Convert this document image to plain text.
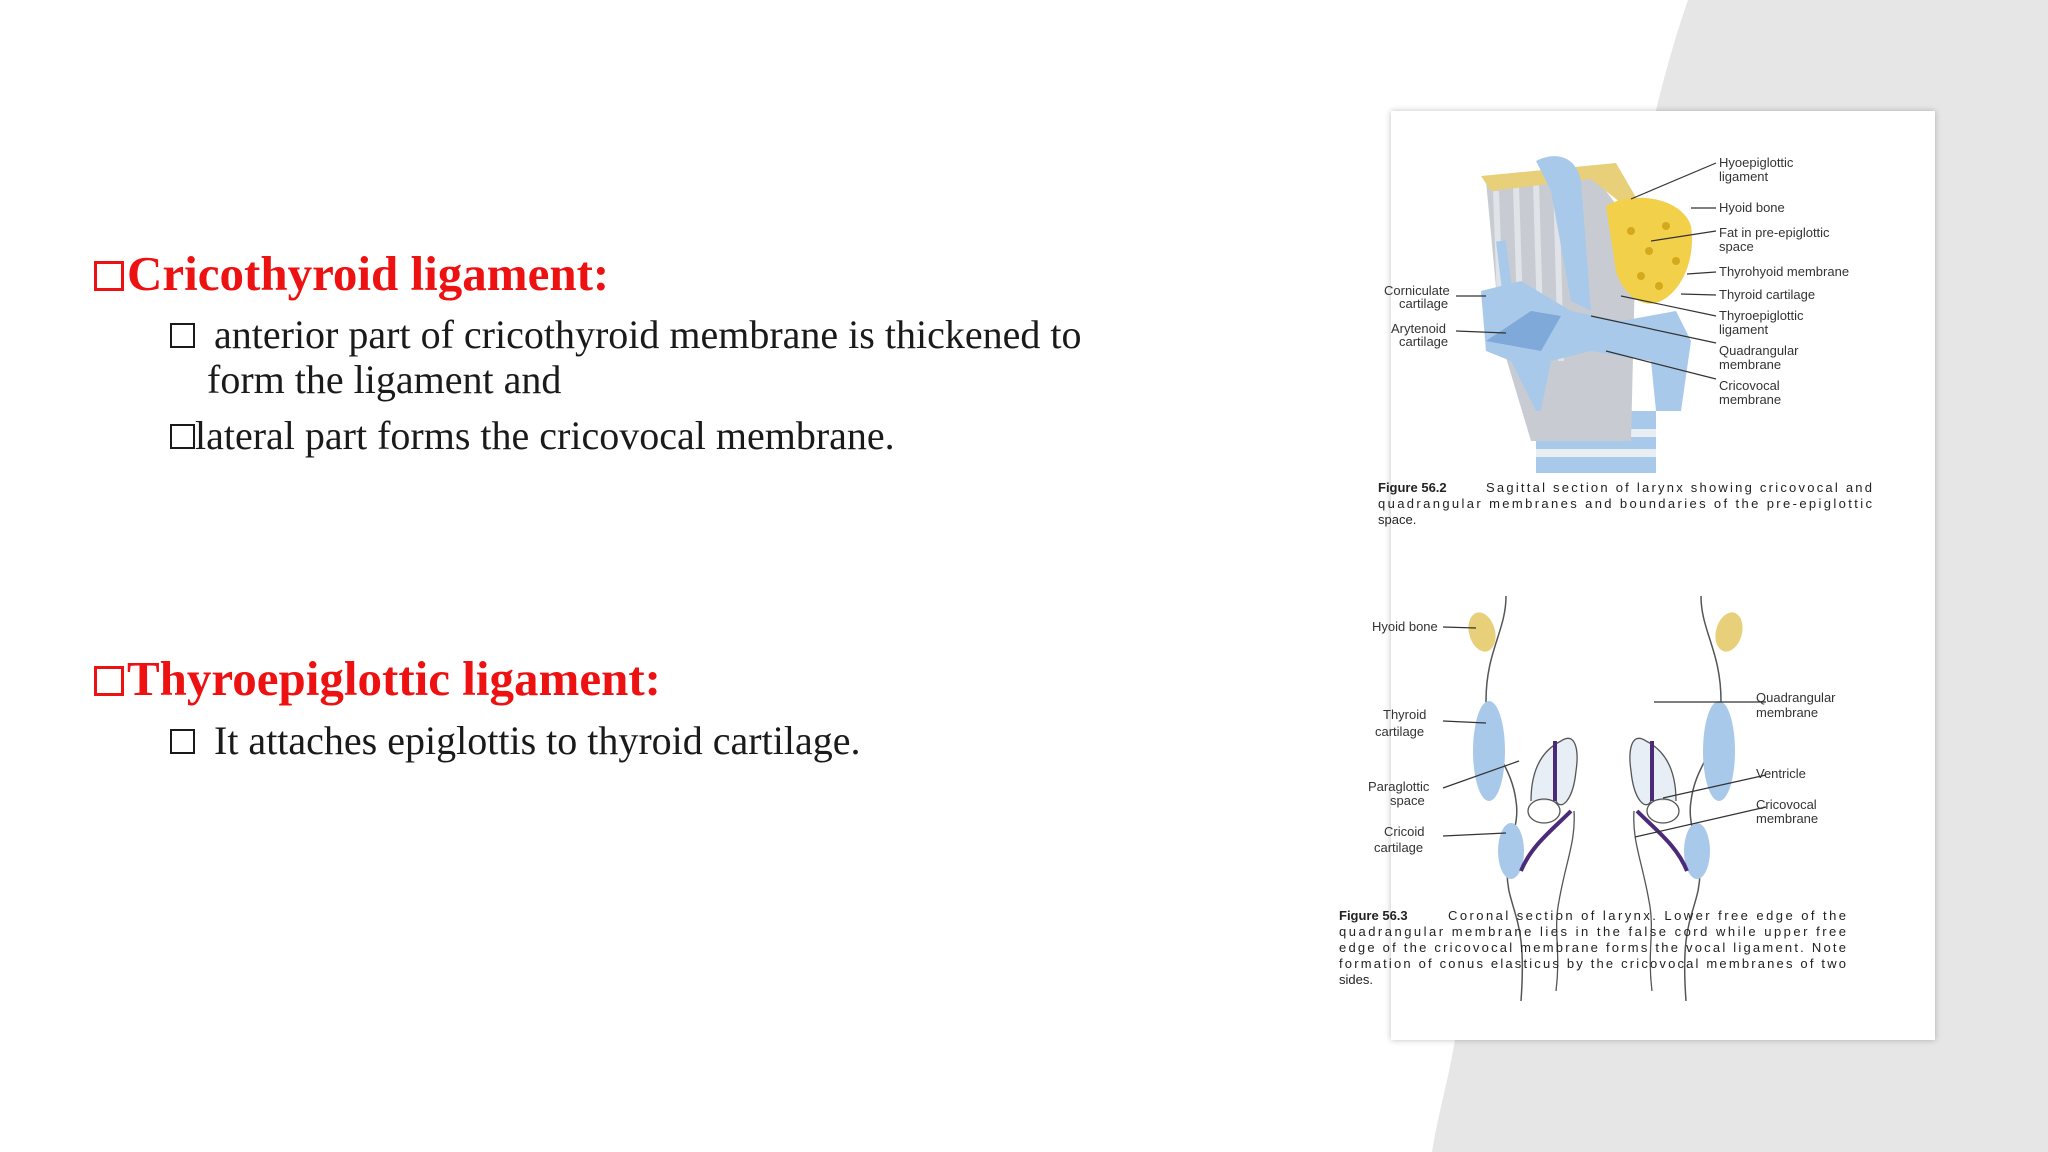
Cricothyroid ligament:
anterior part of cricothyroid membrane is thickened to
form the ligament and
lateral part forms the cricovocal membrane.
Thyroepiglottic ligament:
It attaches epiglottis to thyroid cartilage.
Hyoepiglottic
ligament
Hyoid bone
Fat in pre-epiglottic
space
Thyrohyoid membrane
Thyroid cartilage
Thyroepiglottic
ligament
Quadrangular
membrane
Cricovocal
membrane
Corniculate
cartilage
Arytenoid
cartilage
Figure 56.2	Sagittal section of larynx showing cricovocal and
quadrangular membranes and boundaries of the pre-epiglottic
space.
Hyoid bone
Thyroid
cartilage
Paraglottic
space
Cricoid
cartilage
Quadrangular
membrane
Ventricle
Cricovocal
membrane
Figure 56.3	Coronal section of larynx. Lower free edge of the
quadrangular membrane lies in the false cord while upper free
edge of the cricovocal membrane forms the vocal ligament. Note
formation of conus elasticus by the cricovocal membranes of two
sides.
